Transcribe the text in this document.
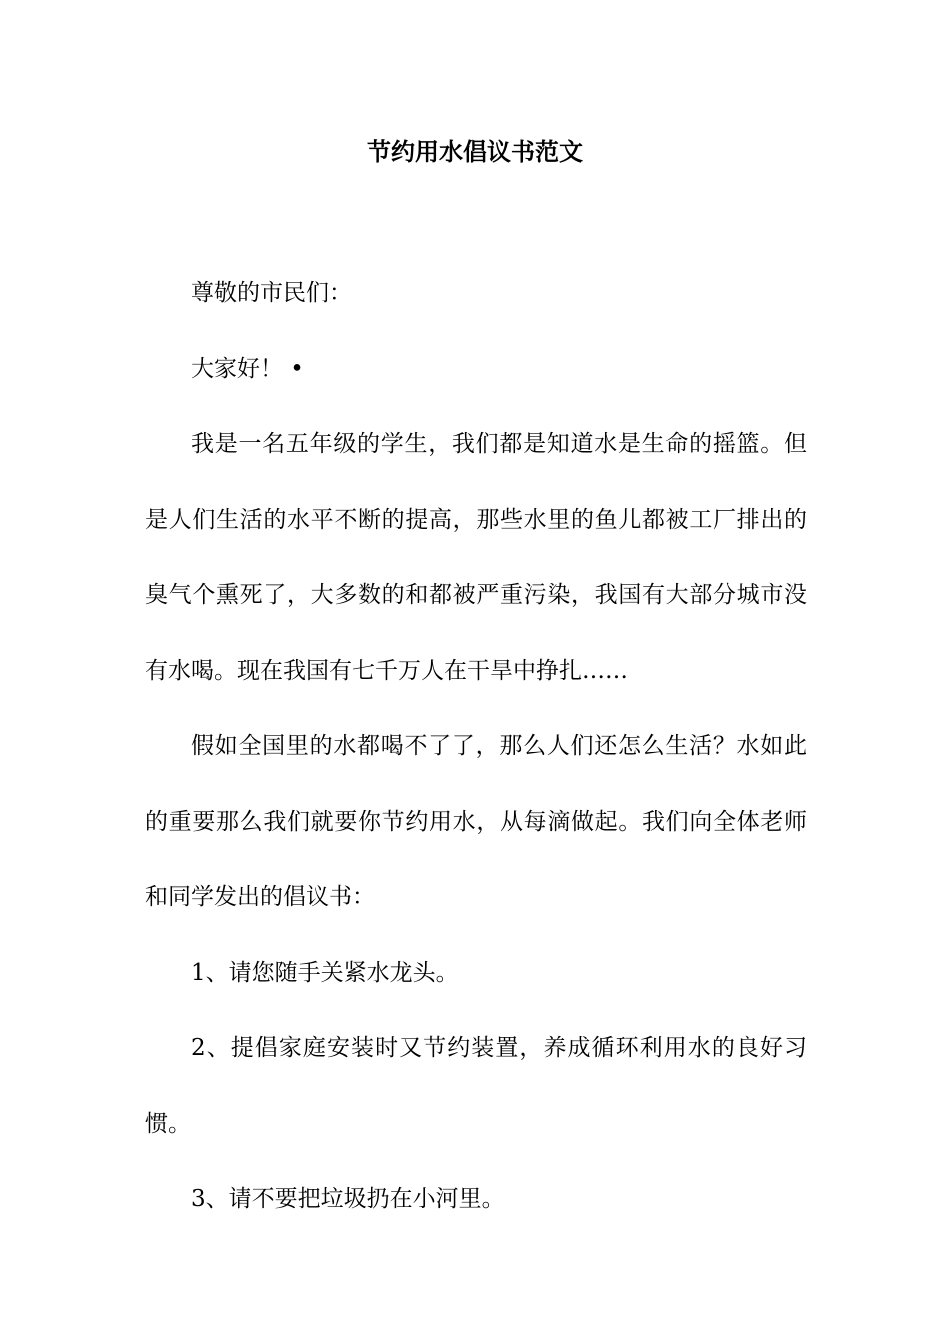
节约用水倡议书范文

尊敬的市民们：

大家好！ •

我是一名五年级的学生，我们都是知道水是生命的摇篮。但是人们生活的水平不断的提高，那些水里的鱼儿都被工厂排出的臭气个熏死了，大多数的和都被严重污染，我国有大部分城市没有水喝。现在我国有七千万人在干旱中挣扎……

假如全国里的水都喝不了了，那么人们还怎么生活？水如此的重要那么我们就要你节约用水，从每滴做起。我们向全体老师和同学发出的倡议书：

1、请您随手关紧水龙头。

2、提倡家庭安装时又节约装置，养成循环利用水的良好习惯。

3、请不要把垃圾扔在小河里。
